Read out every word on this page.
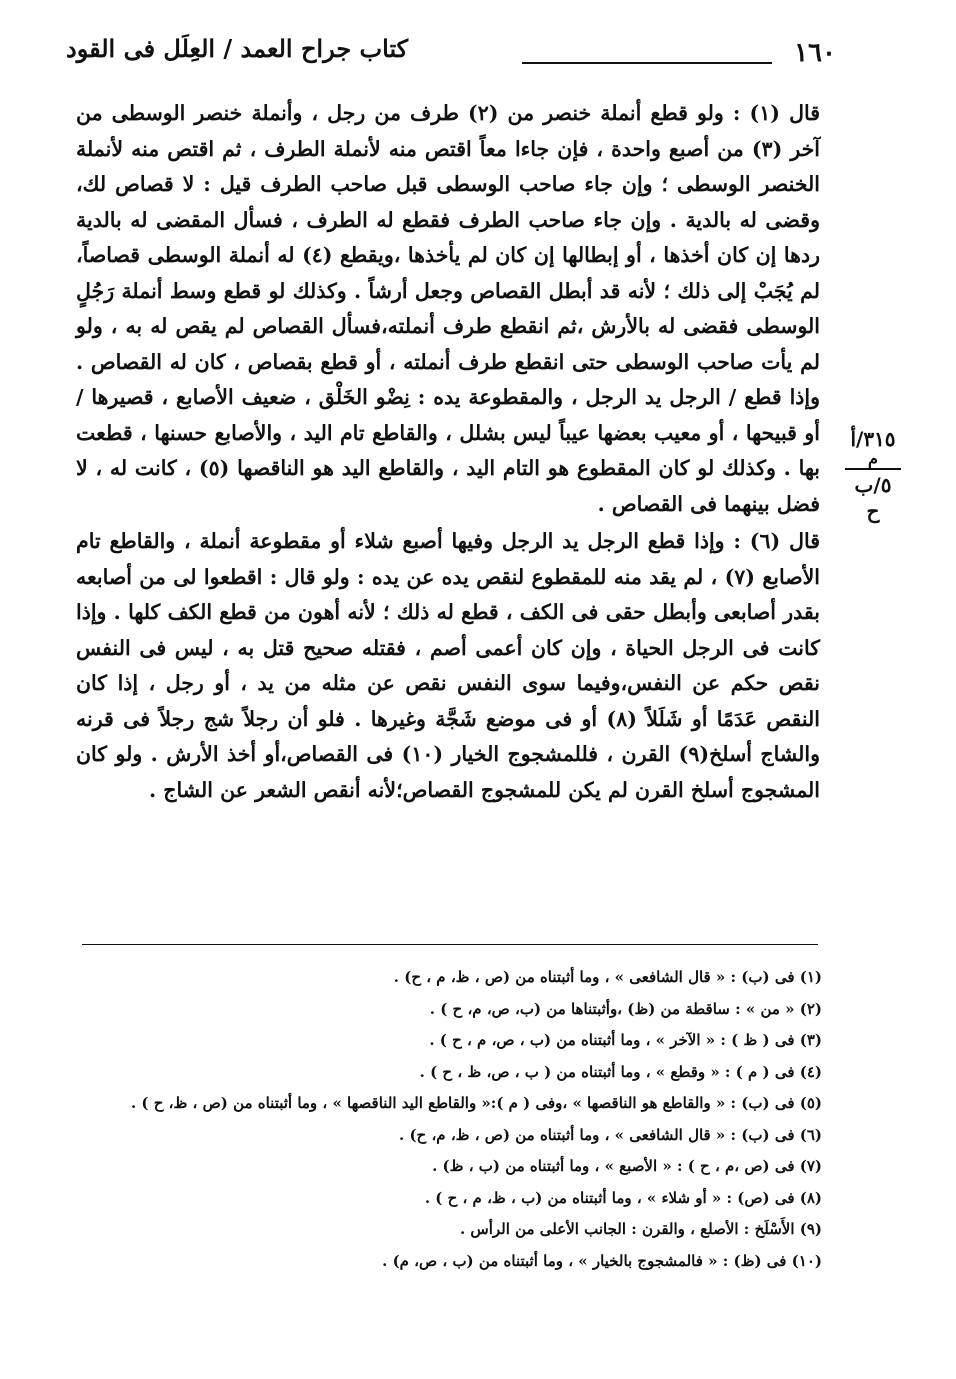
١٦٠
كتاب جراح العمد / العِلَل فى القود

قال (١) : ولو قطع أنملة خنصر من (٢) طرف من رجل ، وأنملة خنصر الوسطى من آخر (٣) من أصبع واحدة ، فإن جاءا معاً اقتص منه لأنملة الطرف ، ثم اقتص منه لأنملة الخنصر الوسطى ؛ وإن جاء صاحب الوسطى قبل صاحب الطرف قيل : لا قصاص لك، وقضى له بالدية . وإن جاء صاحب الطرف فقطع له الطرف ، فسأل المقضى له بالدية ردها إن كان أخذها ، أو إبطالها إن كان لم يأخذها ،ويقطع (٤) له أنملة الوسطى قصاصاً، لم يُجَبْ إلى ذلك ؛ لأنه قد أبطل القصاص وجعل أرشاً . وكذلك لو قطع وسط أنملة رَجُلٍ الوسطى فقضى له بالأرش ،ثم انقطع طرف أنملته،فسأل القصاص لم يقص له به ، ولو لم يأت صاحب الوسطى حتى انقطع طرف أنملته ، أو قطع بقصاص ، كان له القصاص . وإذا قطع / الرجل يد الرجل ، والمقطوعة يده : نِضْو الخَلْق ، ضعيف الأصابع ، قصيرها /أو قبيحها ، أو معيب بعضها عيباً ليس بشلل ، والقاطع تام اليد ، والأصابع حسنها ، قطعت بها . وكذلك لو كان المقطوع هو التام اليد ، والقاطع اليد هو الناقصها (٥) ، كانت له ، لا فضل بينهما فى القصاص .

قال (٦) : وإذا قطع الرجل يد الرجل وفيها أصبع شلاء أو مقطوعة أنملة ، والقاطع تام الأصابع (٧) ، لم يقد منه للمقطوع لنقص يده عن يده : ولو قال : اقطعوا لى من أصابعه بقدر أصابعى وأبطل حقى فى الكف ، قطع له ذلك ؛ لأنه أهون من قطع الكف كلها . وإذا كانت فى الرجل الحياة ، وإن كان أعمى أصم ، فقتله صحيح قتل به ، ليس فى النفس نقص حكم عن النفس،وفيما سوى النفس نقص عن مثله من يد ، أو رجل ، إذا كان النقص عَدَمًا أو شَلَلاً (٨) أو فى موضع شَجَّة وغيرها . فلو أن رجلاً شج رجلاً فى قرنه والشاج أسلخ(٩) القرن ، فللمشجوج الخيار (١٠) فى القصاص،أو أخذ الأرش . ولو كان المشجوج أسلخ القرن لم يكن للمشجوج القصاص؛لأنه أنقص الشعر عن الشاج .

٣١٥/أ
م
٥/ب
ح

(١) فى (ب) : « قال الشافعى » ، وما أثبتناه من (ص ، ظ، م ، ح) .

(٢) « من » : ساقطة من (ظ) ،وأثبتناها من (ب، ص، م، ح ) .

(٣) فى ( ظ ) : « الآخر » ، وما أثبتناه من (ب ، ص، م ، ح ) .

(٤) فى ( م ) : « وقطع » ، وما أثبتناه من ( ب ، ص، ظ ، ح ) .

(٥) فى (ب) : « والقاطع هو الناقصها » ،وفى ( م ):« والقاطع اليد الناقصها » ، وما أثبتناه من (ص ، ظ، ح ) .

(٦) فى (ب) : « قال الشافعى » ، وما أثبتناه من (ص ، ظ، م، ح) .

(٧) فى (ص ،م ، ح ) : « الأصبع » ، وما أثبتناه من (ب ، ظ) .

(٨) فى (ص) : « أو شلاء » ، وما أثبتناه من (ب ، ظ، م ، ح ) .

(٩) الأَسْلَخ : الأصلع ، والقرن : الجانب الأعلى من الرأس .

(١٠) فى (ظ) : « فالمشجوج بالخيار » ، وما أثبتناه من (ب ، ص، م) .
